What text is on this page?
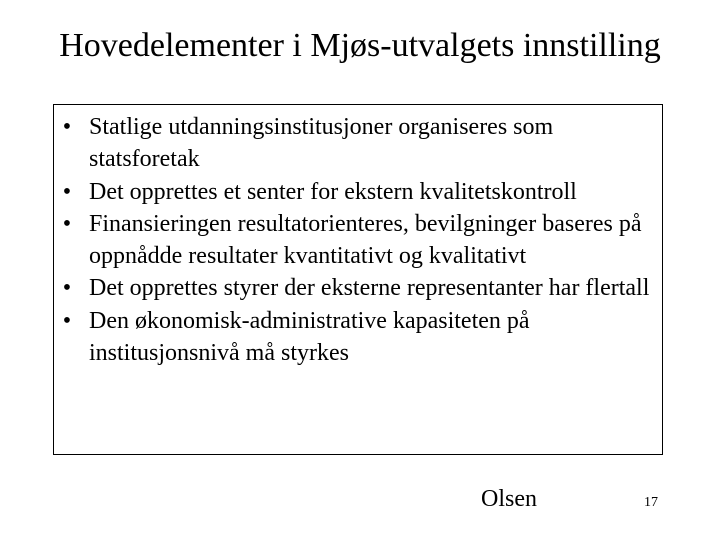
Hovedelementer i Mjøs-utvalgets innstilling
• Statlige utdanningsinstitusjoner organiseres som statsforetak
• Det opprettes et senter for ekstern kvalitetskontroll
• Finansieringen resultatorienteres, bevilgninger baseres på oppnådde resultater kvantitativt og kvalitativt
• Det opprettes styrer der eksterne representanter har flertall
• Den økonomisk-administrative kapasiteten på institusjonsnivå må styrkes
Olsen	17
